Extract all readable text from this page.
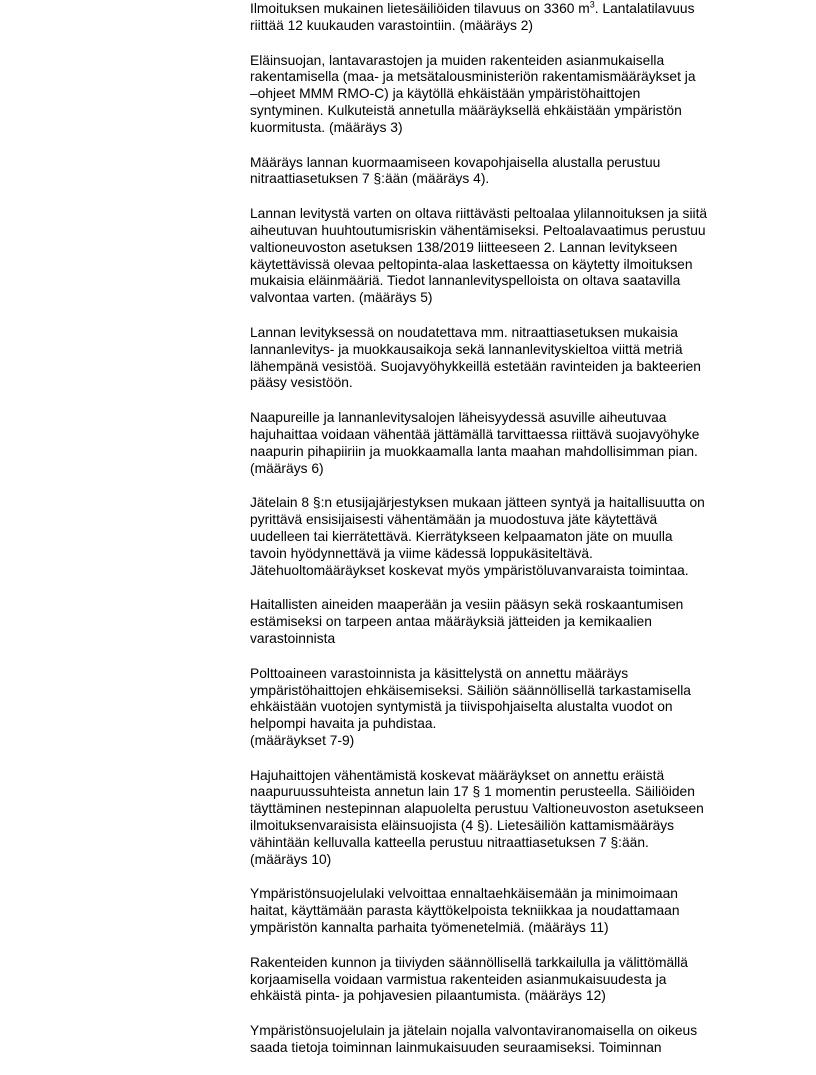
Ilmoituksen mukainen lietesäiliöiden tilavuus on 3360 $m^3$. Lantalatilavuus
riittää 12 kuukauden varastointiin. (määräys 2)

Eläinsuojan, lantavarastojen ja muiden rakenteiden asianmukaisella
rakentamisella (maa- ja metsätalousministeriön rakentamismääräykset ja
–ohjeet MMM RMO-C) ja käytöllä ehkäistään ympäristöhaittojen
syntyminen. Kulkuteistä annetulla määräyksellä ehkäistään ympäristön
kuormitusta. (määräys 3)

Määräys lannan kuormaamiseen kovapohjaisella alustalla perustuu
nitraattiasetuksen 7 §:ään (määräys 4).

Lannan levitystä varten on oltava riittävästi peltoalaa ylilannoituksen ja siitä
aiheutuvan huuhtoutumisriskin vähentämiseksi. Peltoalavaatimus perustuu
valtioneuvoston asetuksen 138/2019 liitteeseen 2. Lannan levitykseen
käytettävissä olevaa peltopinta-alaa laskettaessa on käytetty ilmoituksen
mukaisia eläinmääriä. Tiedot lannanlevityspelloista on oltava saatavilla
valvontaa varten. (määräys 5)

Lannan levityksessä on noudatettava mm. nitraattiasetuksen mukaisia
lannanlevitys- ja muokkausaikoja sekä lannanlevityskieltoa viittä metriä
lähempänä vesistöä. Suojavyöhykkeillä estetään ravinteiden ja bakteerien
pääsy vesistöön.

Naapureille ja lannanlevitysalojen läheisyydessä asuville aiheutuvaa
hajuhaittaa voidaan vähentää jättämällä tarvittaessa riittävä suojavyöhyke
naapurin pihapiiriin ja muokkaamalla lanta maahan mahdollisimman pian.
(määräys 6)

Jätelain 8 §:n etusijajärjestyksen mukaan jätteen syntyä ja haitallisuutta on
pyrittävä ensisijaisesti vähentämään ja muodostuva jäte käytettävä
uudelleen tai kierrätettävä. Kierrätykseen kelpaamaton jäte on muulla
tavoin hyödynnettävä ja viime kädessä loppukäsiteltävä.
Jätehuoltomääräykset koskevat myös ympäristöluvanvaraista toimintaa.

Haitallisten aineiden maaperään ja vesiin pääsyn sekä roskaantumisen
estämiseksi on tarpeen antaa määräyksiä jätteiden ja kemikaalien
varastoinnista

Polttoaineen varastoinnista ja käsittelystä on annettu määräys
ympäristöhaittojen ehkäisemiseksi. Säiliön säännöllisellä tarkastamisella
ehkäistään vuotojen syntymistä ja tiivispohjaiselta alustalta vuodot on
helpompi havaita ja puhdistaa.
(määräykset 7-9)

Hajuhaittojen vähentämistä koskevat määräykset on annettu eräistä
naapuruussuhteista annetun lain 17 § 1 momentin perusteella. Säiliöiden
täyttäminen nestepinnan alapuolelta perustuu Valtioneuvoston asetukseen
ilmoituksenvaraisista eläinsuojista (4 §). Lietesäiliön kattamismääräys
vähintään kelluvalla katteella perustuu nitraattiasetuksen 7 §:ään.
(määräys 10)

Ympäristönsuojelulaki velvoittaa ennaltaehkäisemään ja minimoimaan
haitat, käyttämään parasta käyttökelpoista tekniikkaa ja noudattamaan
ympäristön kannalta parhaita työmenetelmiä. (määräys 11)

Rakenteiden kunnon ja tiiviyden säännöllisellä tarkkailulla ja välittömällä
korjaamisella voidaan varmistua rakenteiden asianmukaisuudesta ja
ehkäistä pinta- ja pohjavesien pilaantumista. (määräys 12)

Ympäristönsuojelulain ja jätelain nojalla valvontaviranomaisella on oikeus
saada tietoja toiminnan lainmukaisuuden seuraamiseksi. Toiminnan
